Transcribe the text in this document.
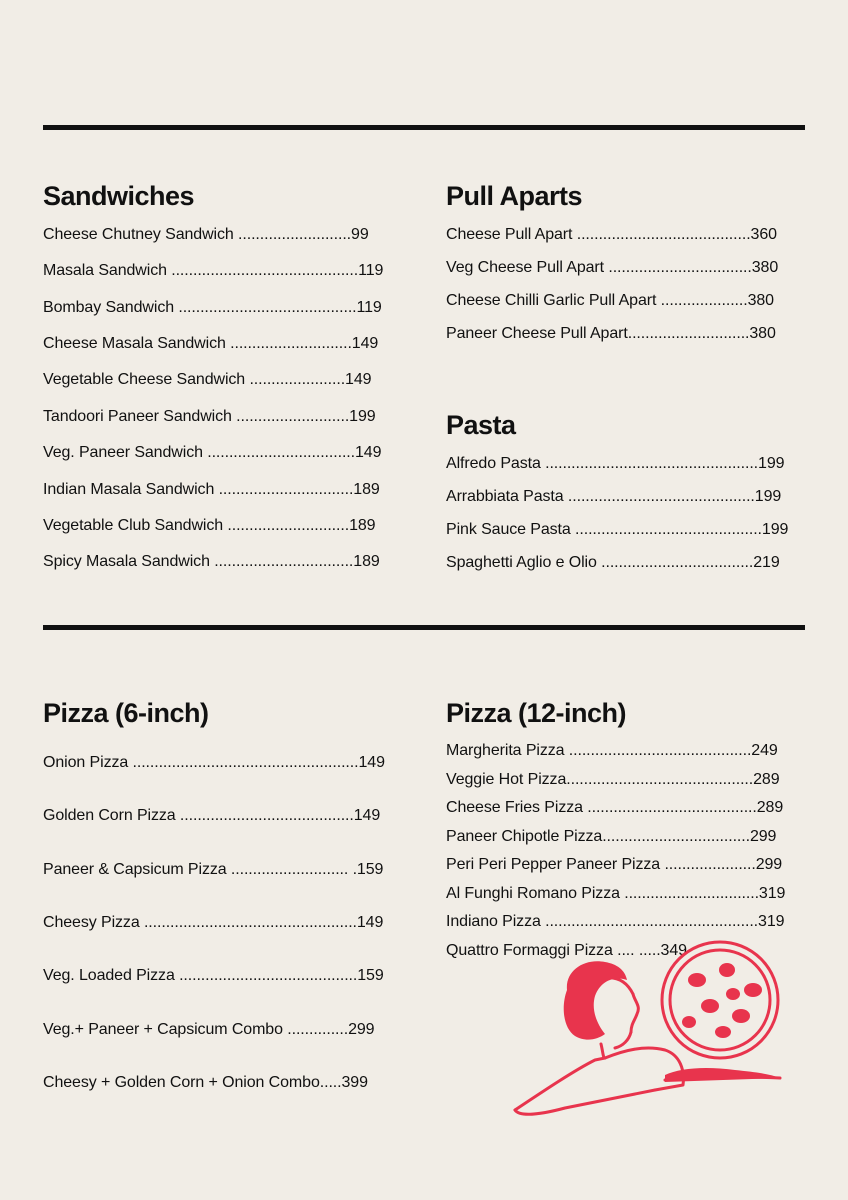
Sandwiches
Cheese Chutney Sandwich ..........................99
Masala Sandwich ...........................................119
Bombay Sandwich .........................................119
Cheese Masala Sandwich ............................149
Vegetable Cheese Sandwich ......................149
Tandoori Paneer Sandwich ..........................199
Veg. Paneer Sandwich ..................................149
Indian Masala Sandwich ...............................189
Vegetable Club Sandwich ............................189
Spicy Masala Sandwich ................................189
Pull Aparts
Cheese Pull Apart ........................................360
Veg Cheese Pull Apart .................................380
Cheese Chilli Garlic Pull Apart ....................380
Paneer Cheese Pull Apart............................380
Pasta
Alfredo Pasta .................................................199
Arrabbiata Pasta ...........................................199
Pink Sauce Pasta ...........................................199
Spaghetti Aglio e Olio ...................................219
Pizza (6-inch)
Onion Pizza ....................................................149
Golden Corn Pizza ........................................149
Paneer & Capsicum Pizza ........................... .159
Cheesy Pizza .................................................149
Veg. Loaded Pizza .........................................159
Veg.+ Paneer + Capsicum Combo ..............299
Cheesy + Golden Corn + Onion Combo.....399
Pizza (12-inch)
Margherita Pizza ..........................................249
Veggie Hot Pizza...........................................289
Cheese Fries Pizza .......................................289
Paneer Chipotle Pizza..................................299
Peri Peri Pepper Paneer Pizza .....................299
Al Funghi Romano Pizza ...............................319
Indiano Pizza .................................................319
Quattro Formaggi Pizza .... .....349
